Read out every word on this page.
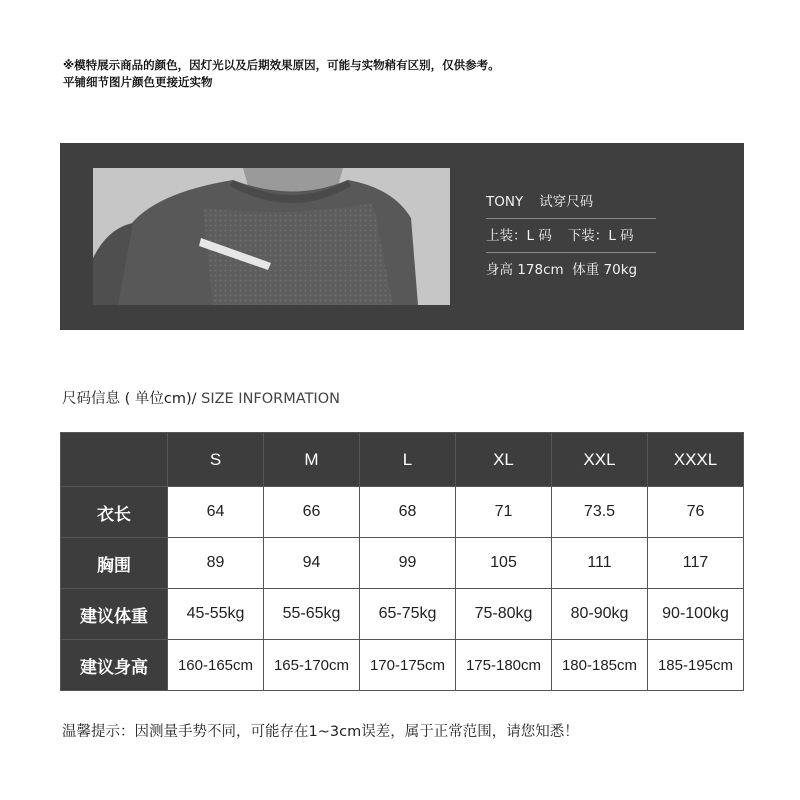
※模特展示商品的颜色，因灯光以及后期效果原因，可能与实物稍有区别，仅供参考。
平铺细节图片颜色更接近实物
TONY 试穿尺码
上装：L 码 下装：L 码
身高 178cm 体重 70kg
尺码信息 ( 单位cm)/ SIZE INFORMATION
	S	M	L	XL	XXL	XXXL
衣长	64	66	68	71	73.5	76
胸围	89	94	99	105	111	117
建议体重	45-55kg	55-65kg	65-75kg	75-80kg	80-90kg	90-100kg
建议身高	160-165cm	165-170cm	170-175cm	175-180cm	180-185cm	185-195cm
温馨提示：因测量手势不同，可能存在1~3cm误差，属于正常范围，请您知悉！
